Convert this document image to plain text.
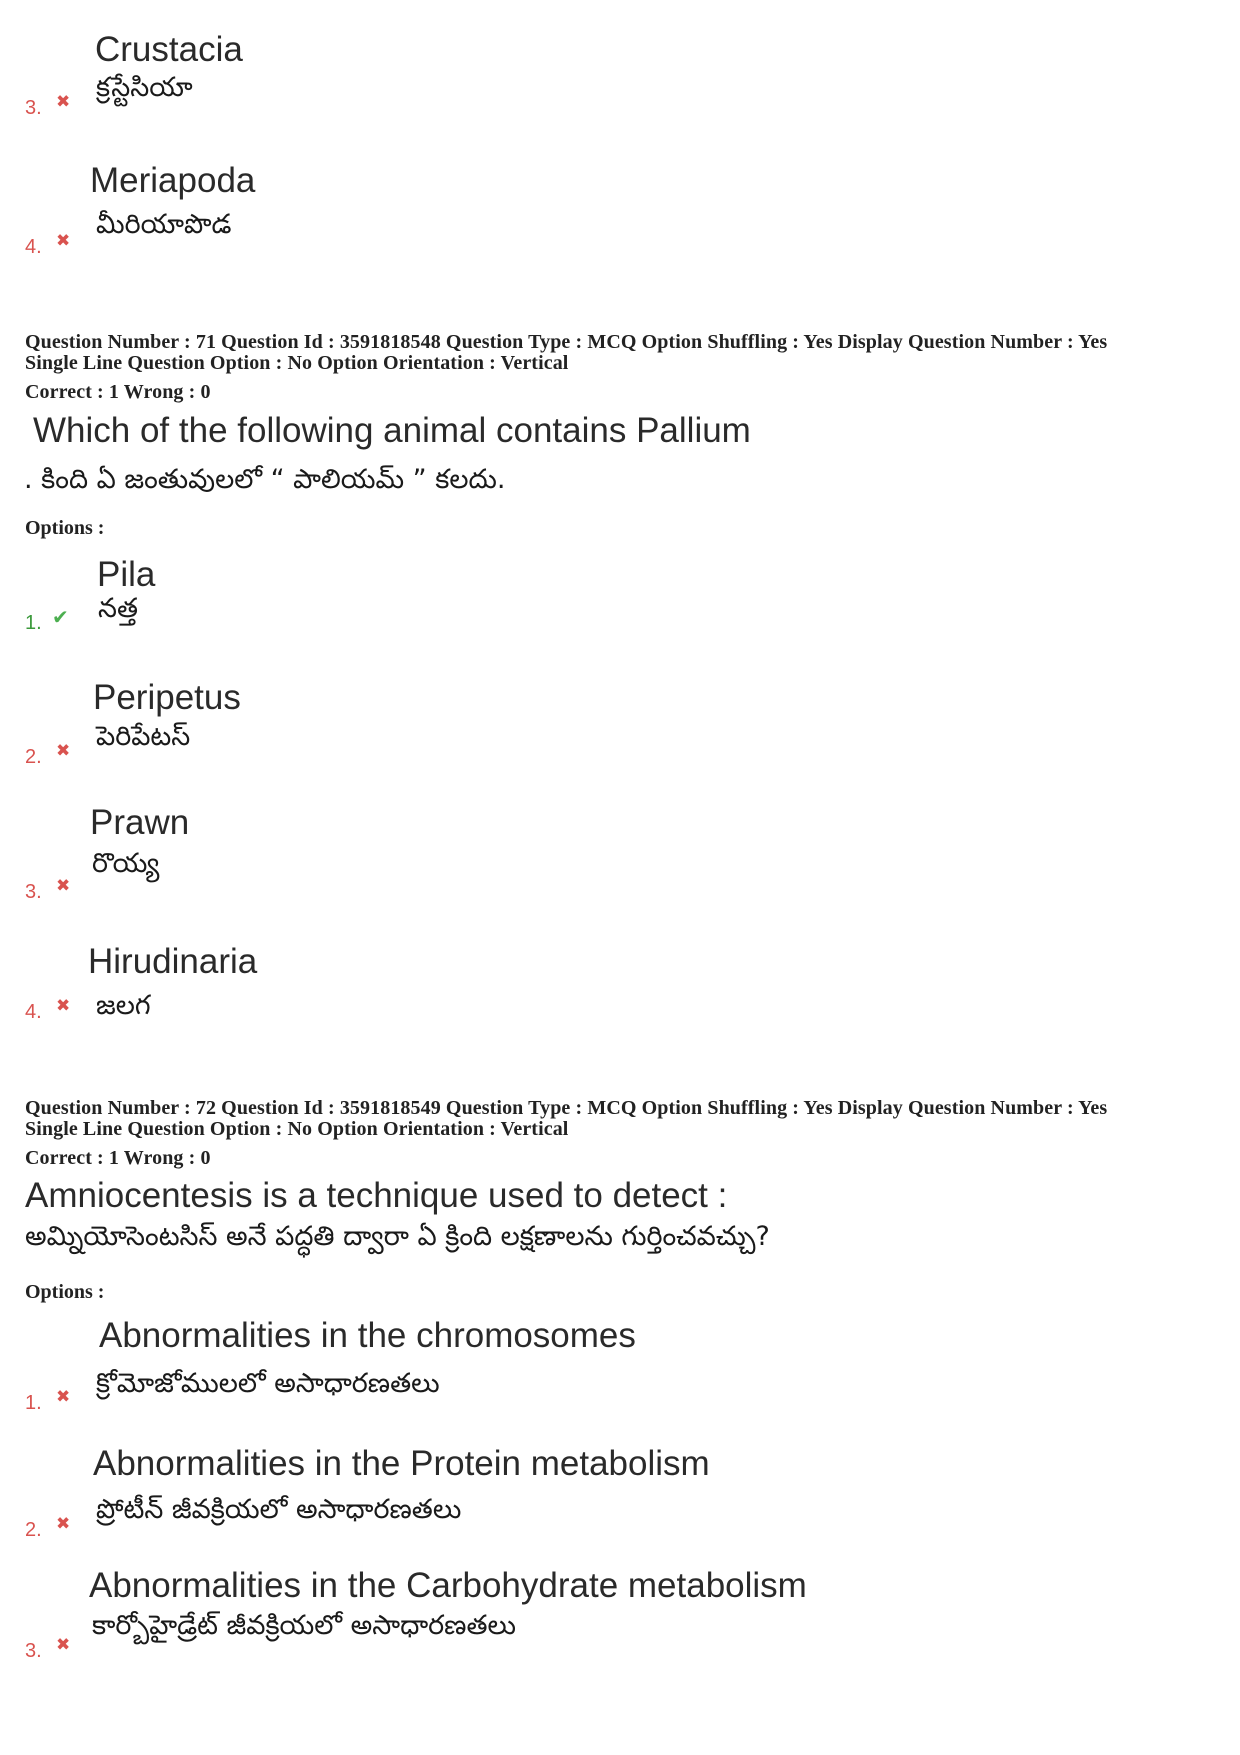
Crustacia
క్రస్టేసియా
3. ✖
Meriapoda
మీరియాపొడ
4. ✖
Question Number : 71 Question Id : 3591818548 Question Type : MCQ Option Shuffling : Yes Display Question Number : Yes
Single Line Question Option : No Option Orientation : Vertical
Correct : 1 Wrong : 0
Which of the following animal contains Pallium
. కింది ఏ జంతువులలో “ పాలియమ్ ” కలదు.
Options :
Pila
నత్త
1. ✔
Peripetus
పెరిపేటస్
2. ✖
Prawn
రొయ్య
3. ✖
Hirudinaria
జలగ
4. ✖
Question Number : 72 Question Id : 3591818549 Question Type : MCQ Option Shuffling : Yes Display Question Number : Yes
Single Line Question Option : No Option Orientation : Vertical
Correct : 1 Wrong : 0
Amniocentesis is a technique used to detect :
అమ్నియోసెంటసిస్ అనే పద్ధతి ద్వారా ఏ క్రింది లక్షణాలను గుర్తించవచ్చు?
Options :
Abnormalities in the chromosomes
క్రోమోజోములలో అసాధారణతలు
1. ✖
Abnormalities in the Protein metabolism
ప్రోటీన్ జీవక్రియలో అసాధారణతలు
2. ✖
Abnormalities in the Carbohydrate metabolism
కార్బోహైడ్రేట్ జీవక్రియలో అసాధారణతలు
3. ✖
